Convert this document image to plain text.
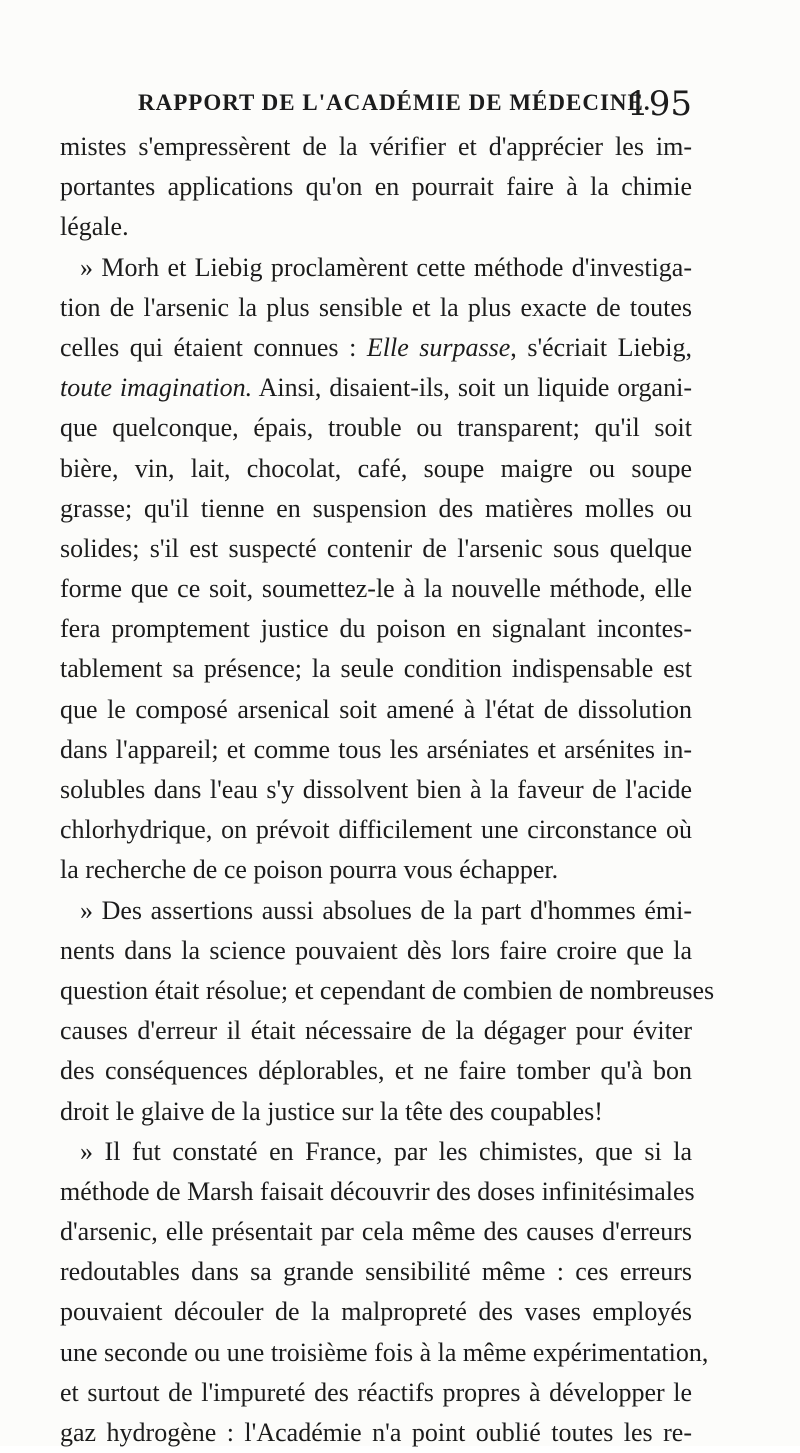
RAPPORT DE L'ACADÉMIE DE MÉDECINE.
195
mistes s'empressèrent de la vérifier et d'apprécier les im-
portantes applications qu'on en pourrait faire à la chimie
légale.
» Morh et Liebig proclamèrent cette méthode d'investiga-
tion de l'arsenic la plus sensible et la plus exacte de toutes
celles qui étaient connues : Elle surpasse, s'écriait Liebig,
toute imagination. Ainsi, disaient-ils, soit un liquide organi-
que quelconque, épais, trouble ou transparent; qu'il soit
bière, vin, lait, chocolat, café, soupe maigre ou soupe
grasse; qu'il tienne en suspension des matières molles ou
solides; s'il est suspecté contenir de l'arsenic sous quelque
forme que ce soit, soumettez-le à la nouvelle méthode, elle
fera promptement justice du poison en signalant incontes-
tablement sa présence; la seule condition indispensable est
que le composé arsenical soit amené à l'état de dissolution
dans l'appareil; et comme tous les arséniates et arsénites in-
solubles dans l'eau s'y dissolvent bien à la faveur de l'acide
chlorhydrique, on prévoit difficilement une circonstance où
la recherche de ce poison pourra vous échapper.
» Des assertions aussi absolues de la part d'hommes émi-
nents dans la science pouvaient dès lors faire croire que la
question était résolue; et cependant de combien de nombreuses
causes d'erreur il était nécessaire de la dégager pour éviter
des conséquences déplorables, et ne faire tomber qu'à bon
droit le glaive de la justice sur la tête des coupables!
» Il fut constaté en France, par les chimistes, que si la
méthode de Marsh faisait découvrir des doses infinitésimales
d'arsenic, elle présentait par cela même des causes d'erreurs
redoutables dans sa grande sensibilité même : ces erreurs
pouvaient découler de la malpropreté des vases employés
une seconde ou une troisième fois à la même expérimentation,
et surtout de l'impureté des réactifs propres à développer le
gaz hydrogène : l'Académie n'a point oublié toutes les re-
